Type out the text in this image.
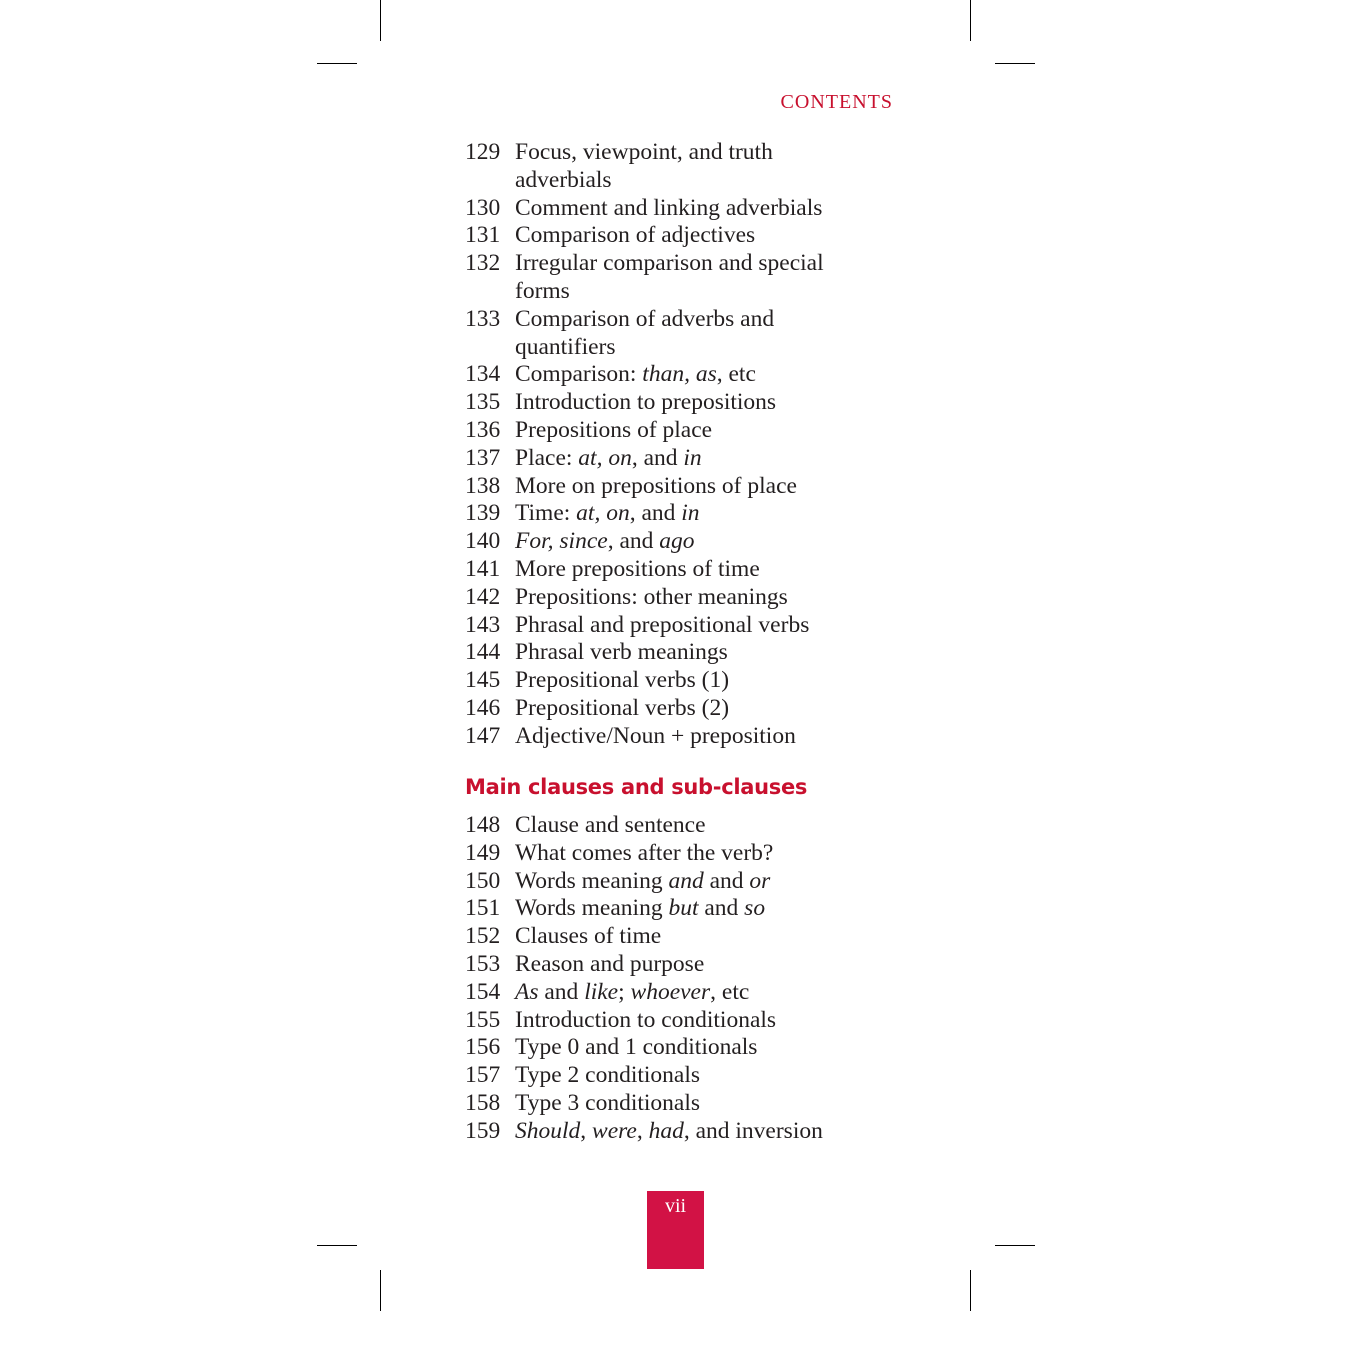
CONTENTS
129 Focus, viewpoint, and truth
adverbials
130 Comment and linking adverbials
131 Comparison of adjectives
132 Irregular comparison and special
forms
133 Comparison of adverbs and
quantifiers
134 Comparison: than, as, etc
135 Introduction to prepositions
136 Prepositions of place
137 Place: at, on, and in
138 More on prepositions of place
139 Time: at, on, and in
140 For, since, and ago
141 More prepositions of time
142 Prepositions: other meanings
143 Phrasal and prepositional verbs
144 Phrasal verb meanings
145 Prepositional verbs (1)
146 Prepositional verbs (2)
147 Adjective/Noun + preposition
Main clauses and sub-clauses
148 Clause and sentence
149 What comes after the verb?
150 Words meaning and and or
151 Words meaning but and so
152 Clauses of time
153 Reason and purpose
154 As and like; whoever, etc
155 Introduction to conditionals
156 Type 0 and 1 conditionals
157 Type 2 conditionals
158 Type 3 conditionals
159 Should, were, had, and inversion
vii
